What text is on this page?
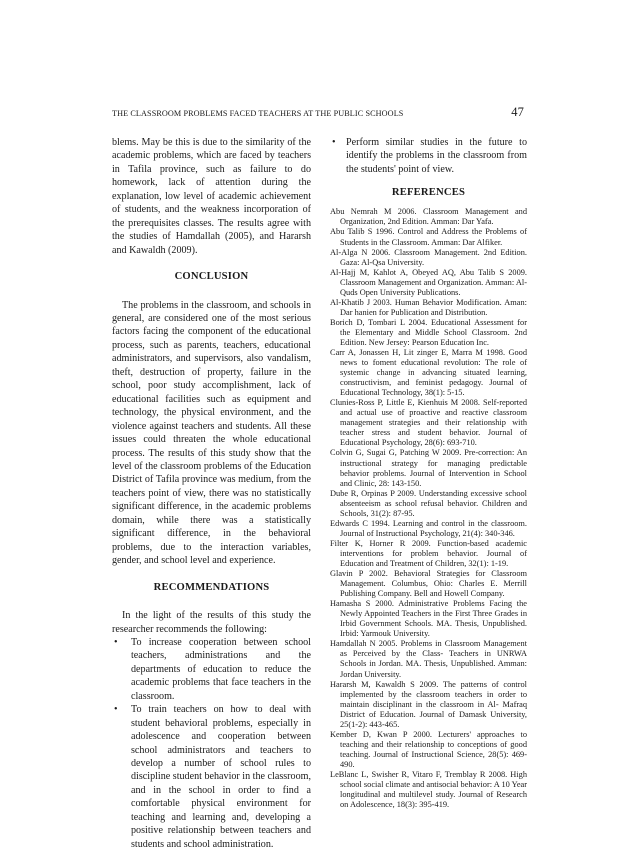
THE CLASSROOM PROBLEMS FACED TEACHERS AT THE PUBLIC SCHOOLS	47

blems. May be this is due to the similarity of the academic problems, which are faced by teachers in Tafila province, such as failure to do homework, lack of attention during the explanation, low level of academic achievement of students, and the weakness incorporation of the prerequisites classes. The results agree with the studies of Hamdallah (2005), and Hararsh and Kawaldh (2009).

CONCLUSION

The problems in the classroom, and schools in general, are considered one of the most serious factors facing the component of the educational process, such as parents, teachers, educational administrators, and supervisors, also vandalism, theft, destruction of property, failure in the school, poor study accomplishment, lack of educational facilities such as equipment and technology, the physical environment, and the violence against teachers and students. All these issues could threaten the whole educational process. The results of this study show that the level of the classroom problems of the Education District of Tafila province was medium, from the teachers point of view, there was no statistically significant difference, in the academic problems domain, while there was a statistically significant difference, in the behavioral problems, due to the interaction variables, gender, and school level and experience.

RECOMMENDATIONS

In the light of the results of this study the researcher recommends the following:

• To increase cooperation between school teachers, administrations and the departments of education to reduce the academic problems that face teachers in the classroom.
• To train teachers on how to deal with student behavioral problems, especially in adolescence and cooperation between school administrators and teachers to develop a number of school rules to discipline student behavior in the classroom, and in the school in order to find a comfortable physical environment for teaching and learning and, developing a positive relationship between teachers and students and school administration.
• Perform similar studies in the future to identify the problems in the classroom from the students' point of view.
REFERENCES

Abu Nemrah M 2006. Classroom Management and Organization, 2nd Edition. Amman: Dar Yafa.

Abu Talib S 1996. Control and Address the Problems of Students in the Classroom. Amman: Dar Alfiker.

Al-Alga N 2006. Classroom Management. 2nd Edition. Gaza: Al-Qsa University.

Al-Hajj M, Kahlot A, Obeyed AQ, Abu Talib S 2009. Classroom Management and Organization. Amman: Al-Quds Open University Publications.

Al-Khatib J 2003. Human Behavior Modification. Aman: Dar hanien for Publication and Distribution.

Borich D, Tombari L 2004. Educational Assessment for the Elementary and Middle School Classroom. 2nd Edition. New Jersey: Pearson Education Inc.

Carr A, Jonassen H, Lit zinger E, Marra M 1998. Good news to foment educational revolution: The role of systemic change in advancing situated learning, constructivism, and feminist pedagogy. Journal of Educational Technology, 38(1): 5-15.

Clunies-Ross P, Little E, Kienhuis M 2008. Self-reported and actual use of proactive and reactive classroom management strategies and their relationship with teacher stress and student behavior. Journal of Educational Psychology, 28(6): 693-710.

Colvin G, Sugai G, Patching W 2009. Pre-correction: An instructional strategy for managing predictable behavior problems. Journal of Intervention in School and Clinic, 28: 143-150.

Dube R, Orpinas P 2009. Understanding excessive school absenteeism as school refusal behavior. Children and Schools, 31(2): 87-95.

Edwards C 1994. Learning and control in the classroom. Journal of Instructional Psychology, 21(4): 340-346.

Filter K, Horner R 2009. Function-based academic interventions for problem behavior. Journal of Education and Treatment of Children, 32(1): 1-19.

Glavin P 2002. Behavioral Strategies for Classroom Management. Columbus, Ohio: Charles E. Merrill Publishing Company. Bell and Howell Company.

Hamasha S 2000. Administrative Problems Facing the Newly Appointed Teachers in the First Three Grades in Irbid Government Schools. MA. Thesis, Unpublished. Irbid: Yarmouk University.

Hamdallah N 2005. Problems in Classroom Management as Perceived by the Class- Teachers in UNRWA Schools in Jordan. MA. Thesis, Unpublished. Amman: Jordan University.

Hararsh M, Kawaldh S 2009. The patterns of control implemented by the classroom teachers in order to maintain disciplinant in the classroom in Al- Mafraq District of Education. Journal of Damask University, 25(1-2): 443-465.

Kember D, Kwan P 2000. Lecturers' approaches to teaching and their relationship to conceptions of good teaching. Journal of Instructional Science, 28(5): 469-490.

LeBlanc L, Swisher R, Vitaro F, Tremblay R 2008. High school social climate and antisocial behavior: A 10 Year longitudinal and multilevel study. Journal of Research on Adolescence, 18(3): 395-419.
